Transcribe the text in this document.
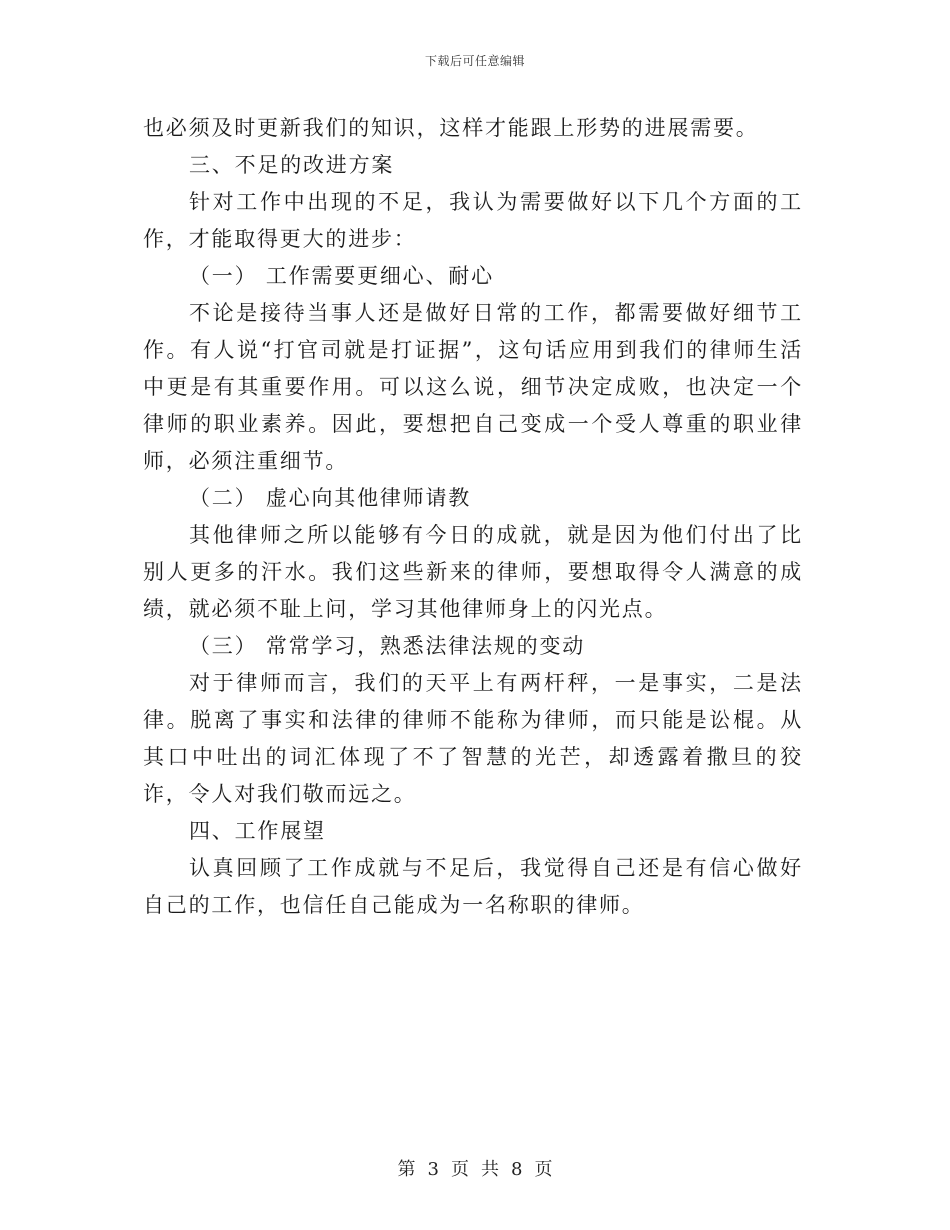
下载后可任意编辑

也必须及时更新我们的知识，这样才能跟上形势的进展需要。

三、不足的改进方案

针对工作中出现的不足，我认为需要做好以下几个方面的工作，才能取得更大的进步：

（一） 工作需要更细心、耐心

不论是接待当事人还是做好日常的工作，都需要做好细节工作。有人说“打官司就是打证据”，这句话应用到我们的律师生活中更是有其重要作用。可以这么说，细节决定成败，也决定一个律师的职业素养。因此，要想把自己变成一个受人尊重的职业律师，必须注重细节。

（二） 虚心向其他律师请教

其他律师之所以能够有今日的成就，就是因为他们付出了比别人更多的汗水。我们这些新来的律师，要想取得令人满意的成绩，就必须不耻上问，学习其他律师身上的闪光点。

（三） 常常学习，熟悉法律法规的变动

对于律师而言，我们的天平上有两杆秤，一是事实，二是法律。脱离了事实和法律的律师不能称为律师，而只能是讼棍。从其口中吐出的词汇体现了不了智慧的光芒，却透露着撒旦的狡诈，令人对我们敬而远之。

四、工作展望

认真回顾了工作成就与不足后，我觉得自己还是有信心做好自己的工作，也信任自己能成为一名称职的律师。

第 3 页 共 8 页
